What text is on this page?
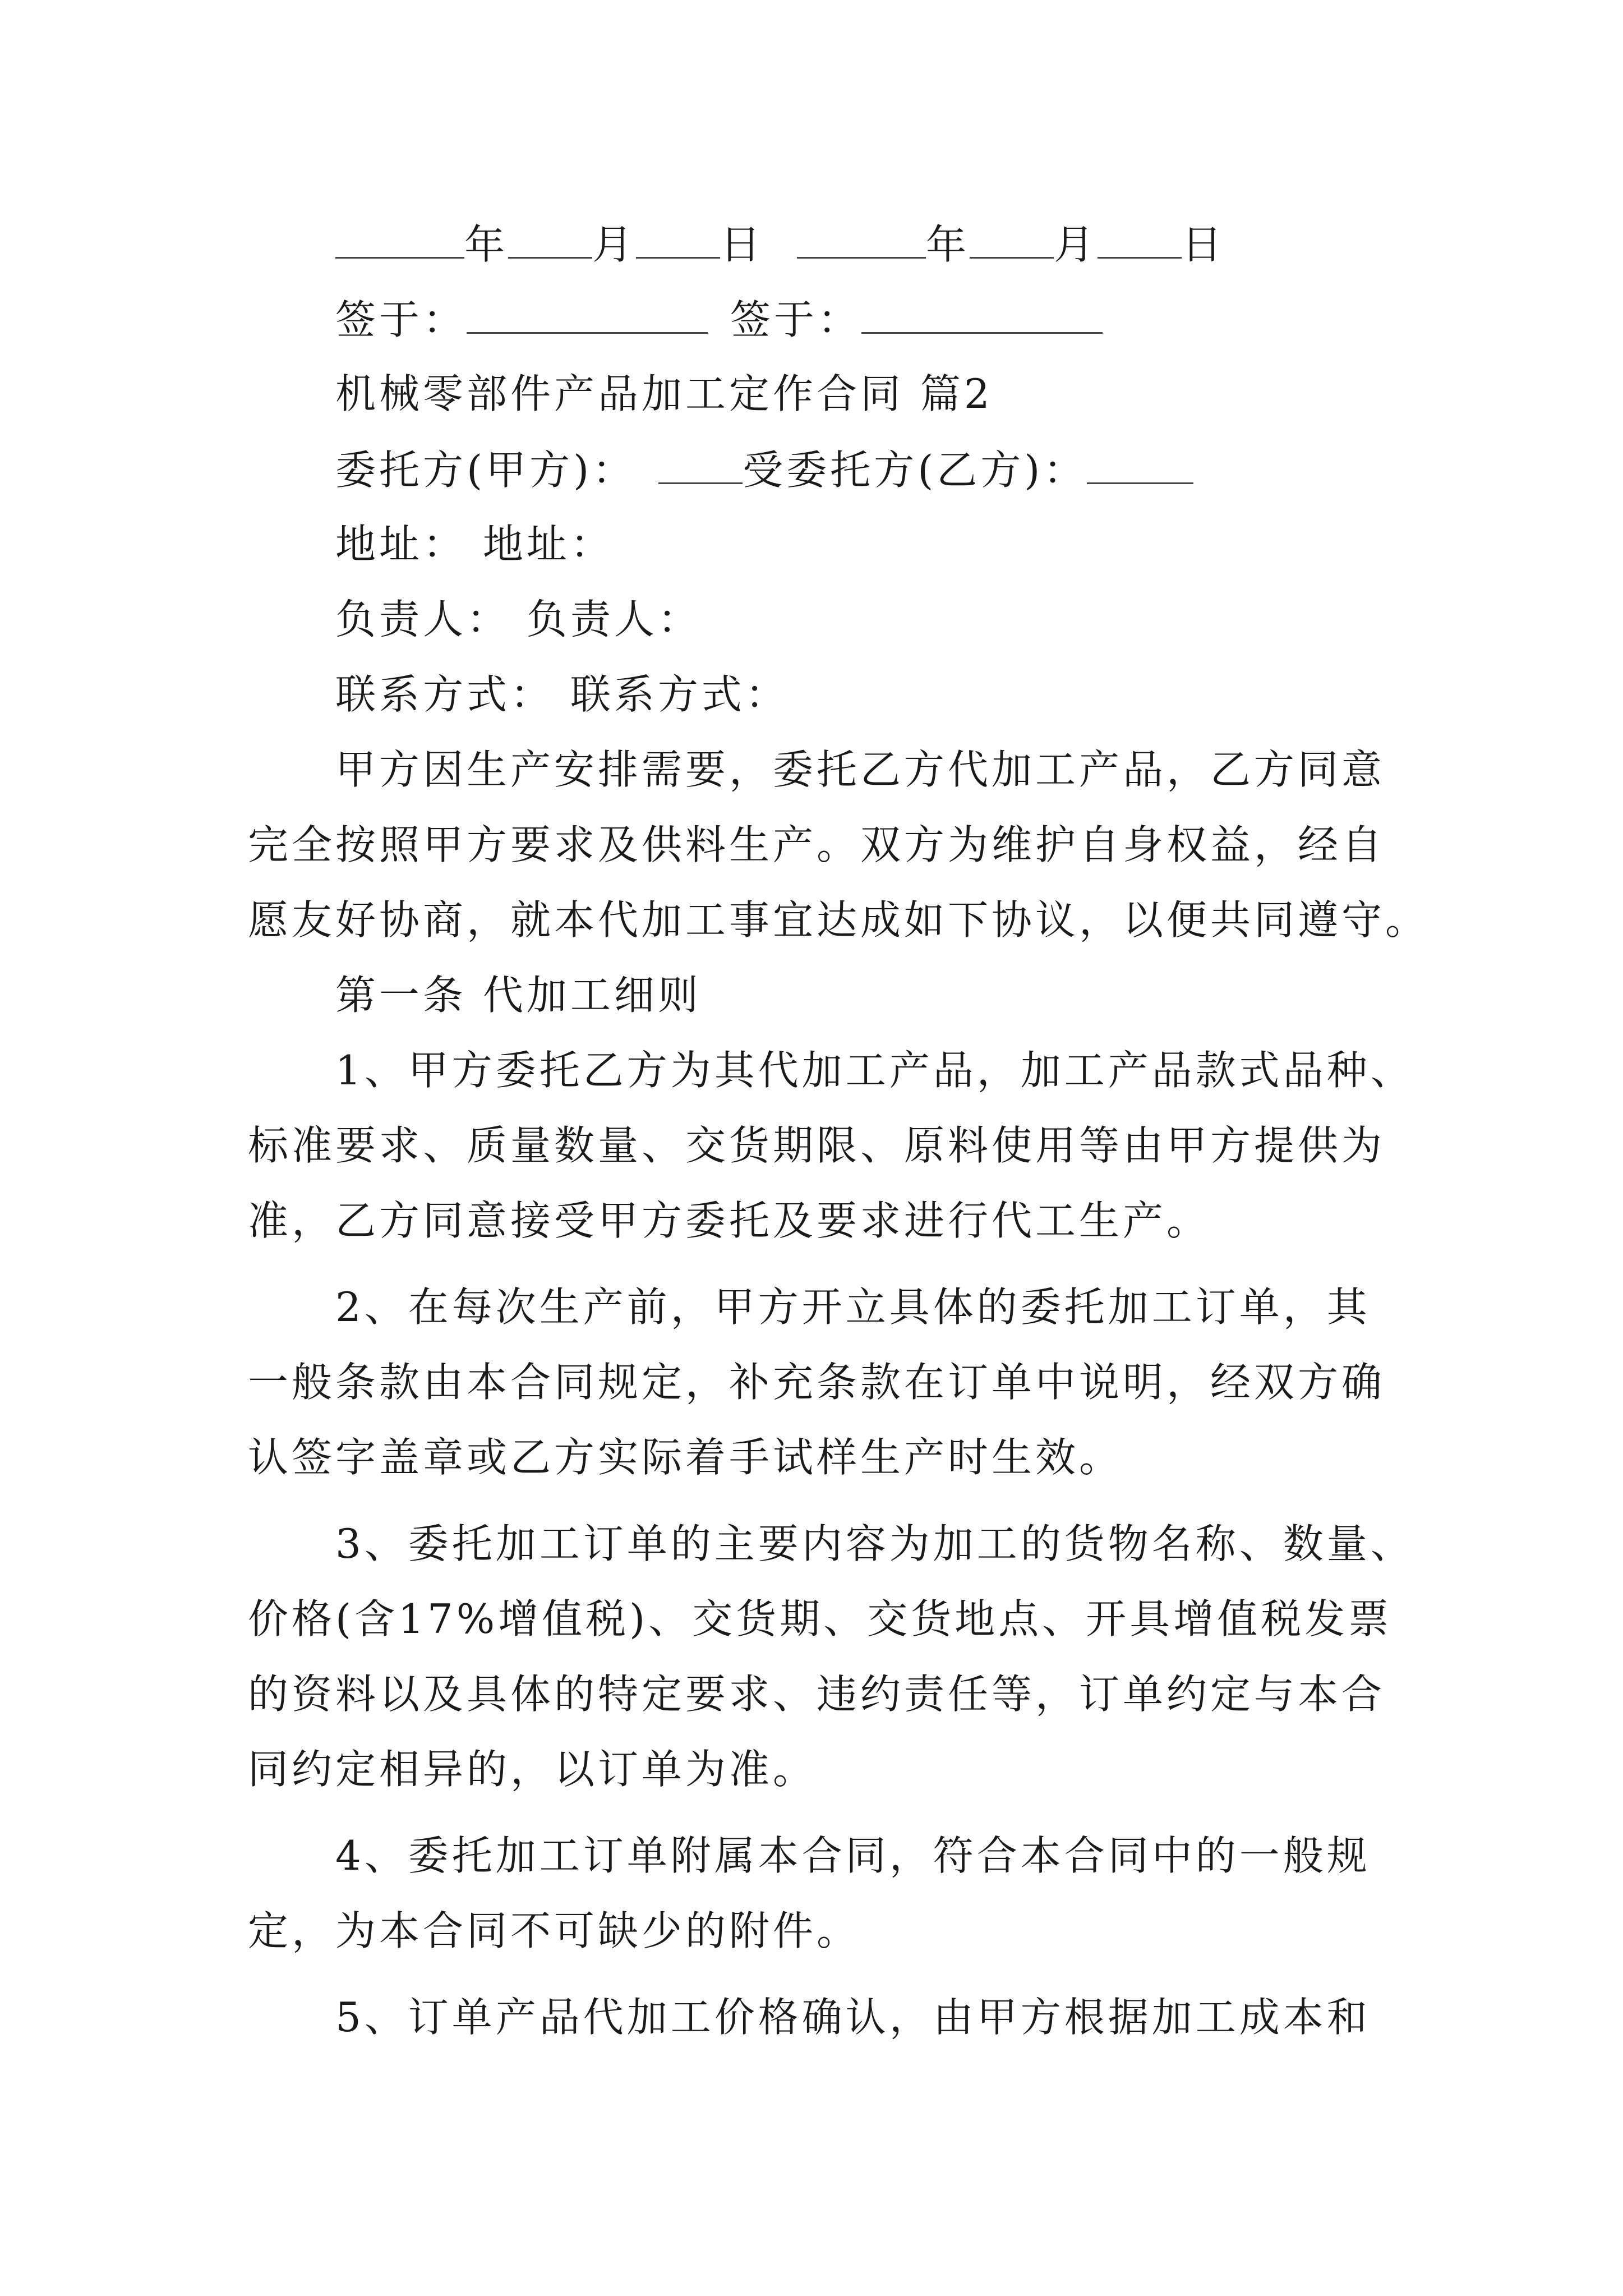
年 月 日	年 月 日
签于：	签于：
机械零部件产品加工定作合同 篇2
委托方(甲方)：	受委托方(乙方)：
地址： 地址：
负责人： 负责人：
联系方式： 联系方式：
甲方因生产安排需要，委托乙方代加工产品，乙方同意
完全按照甲方要求及供料生产。双方为维护自身权益，经自
愿友好协商，就本代加工事宜达成如下协议，以便共同遵守。
第一条 代加工细则
1、甲方委托乙方为其代加工产品，加工产品款式品种、
标准要求、质量数量、交货期限、原料使用等由甲方提供为
准，乙方同意接受甲方委托及要求进行代工生产。
2、在每次生产前，甲方开立具体的委托加工订单，其
一般条款由本合同规定，补充条款在订单中说明，经双方确
认签字盖章或乙方实际着手试样生产时生效。
3、委托加工订单的主要内容为加工的货物名称、数量、
价格(含17%增值税)、交货期、交货地点、开具增值税发票
的资料以及具体的特定要求、违约责任等，订单约定与本合
同约定相异的，以订单为准。
4、委托加工订单附属本合同，符合本合同中的一般规
定，为本合同不可缺少的附件。
5、订单产品代加工价格确认，由甲方根据加工成本和
